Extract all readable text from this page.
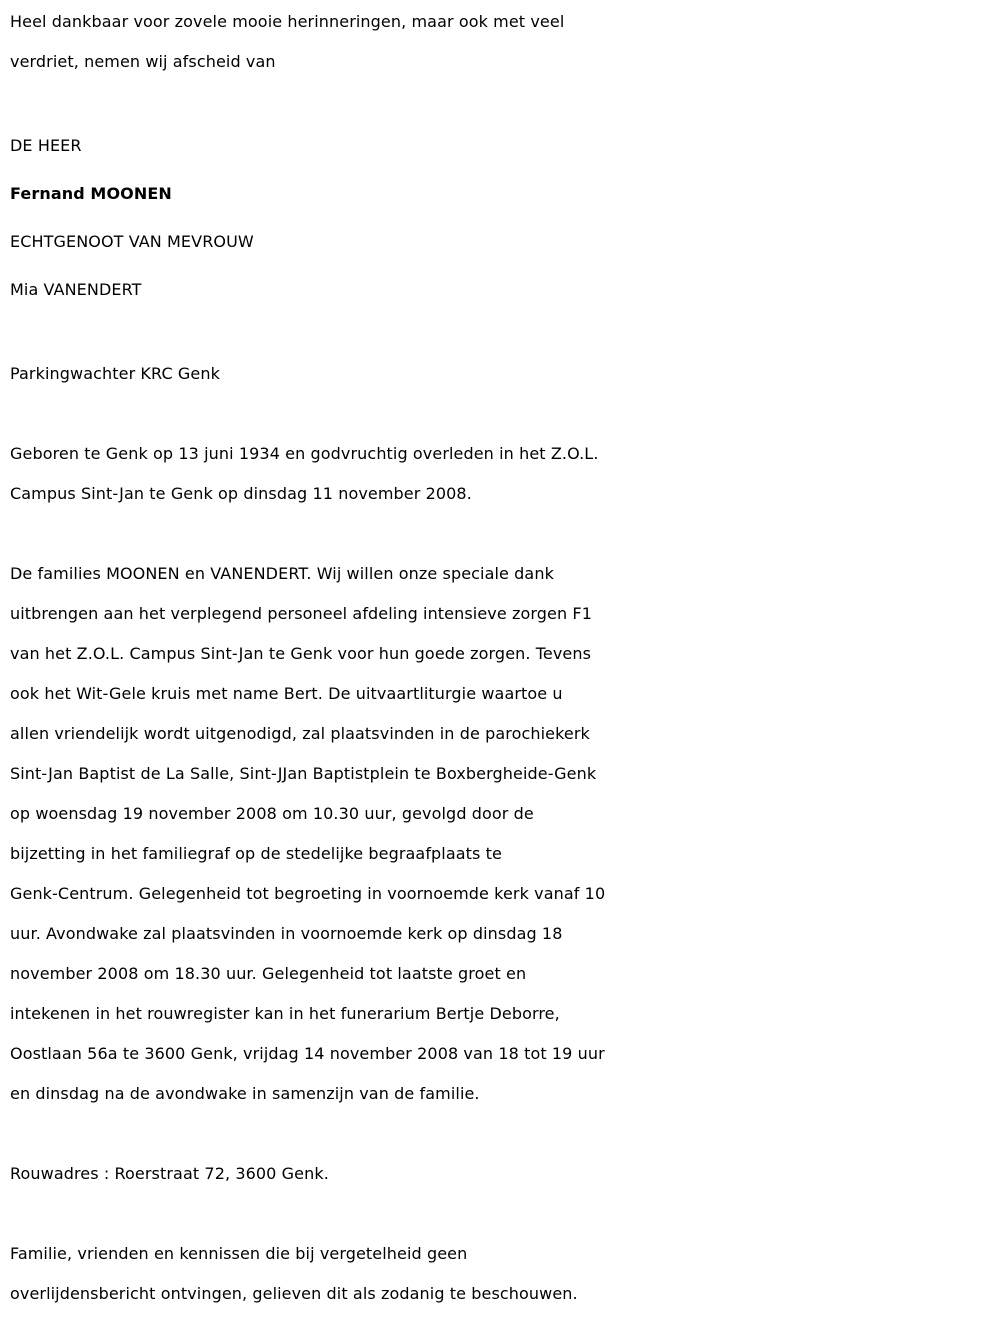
Heel dankbaar voor zovele mooie herinneringen, maar ook met veel

verdriet, nemen wij afscheid van

DE HEER

Fernand MOONEN

ECHTGENOOT VAN MEVROUW

Mia VANENDERT

Parkingwachter KRC Genk

Geboren te Genk op 13 juni 1934 en godvruchtig overleden in het Z.O.L.

Campus Sint-Jan te Genk op dinsdag 11 november 2008.

De families MOONEN en VANENDERT. Wij willen onze speciale dank

uitbrengen aan het verplegend personeel afdeling intensieve zorgen F1

van het Z.O.L. Campus Sint-Jan te Genk voor hun goede zorgen. Tevens

ook het Wit-Gele kruis met name Bert. De uitvaartliturgie waartoe u

allen vriendelijk wordt uitgenodigd, zal plaatsvinden in de parochiekerk

Sint-Jan Baptist de La Salle, Sint-JJan Baptistplein te Boxbergheide-Genk

op woensdag 19 november 2008 om 10.30 uur, gevolgd door de

bijzetting in het familiegraf op de stedelijke begraafplaats te

Genk-Centrum. Gelegenheid tot begroeting in voornoemde kerk vanaf 10

uur. Avondwake zal plaatsvinden in voornoemde kerk op dinsdag 18

november 2008 om 18.30 uur. Gelegenheid tot laatste groet en

intekenen in het rouwregister kan in het funerarium Bertje Deborre,

Oostlaan 56a te 3600 Genk, vrijdag 14 november 2008 van 18 tot 19 uur

en dinsdag na de avondwake in samenzijn van de familie.

Rouwadres : Roerstraat 72, 3600 Genk.

Familie, vrienden en kennissen die bij vergetelheid geen

overlijdensbericht ontvingen, gelieven dit als zodanig te beschouwen.
